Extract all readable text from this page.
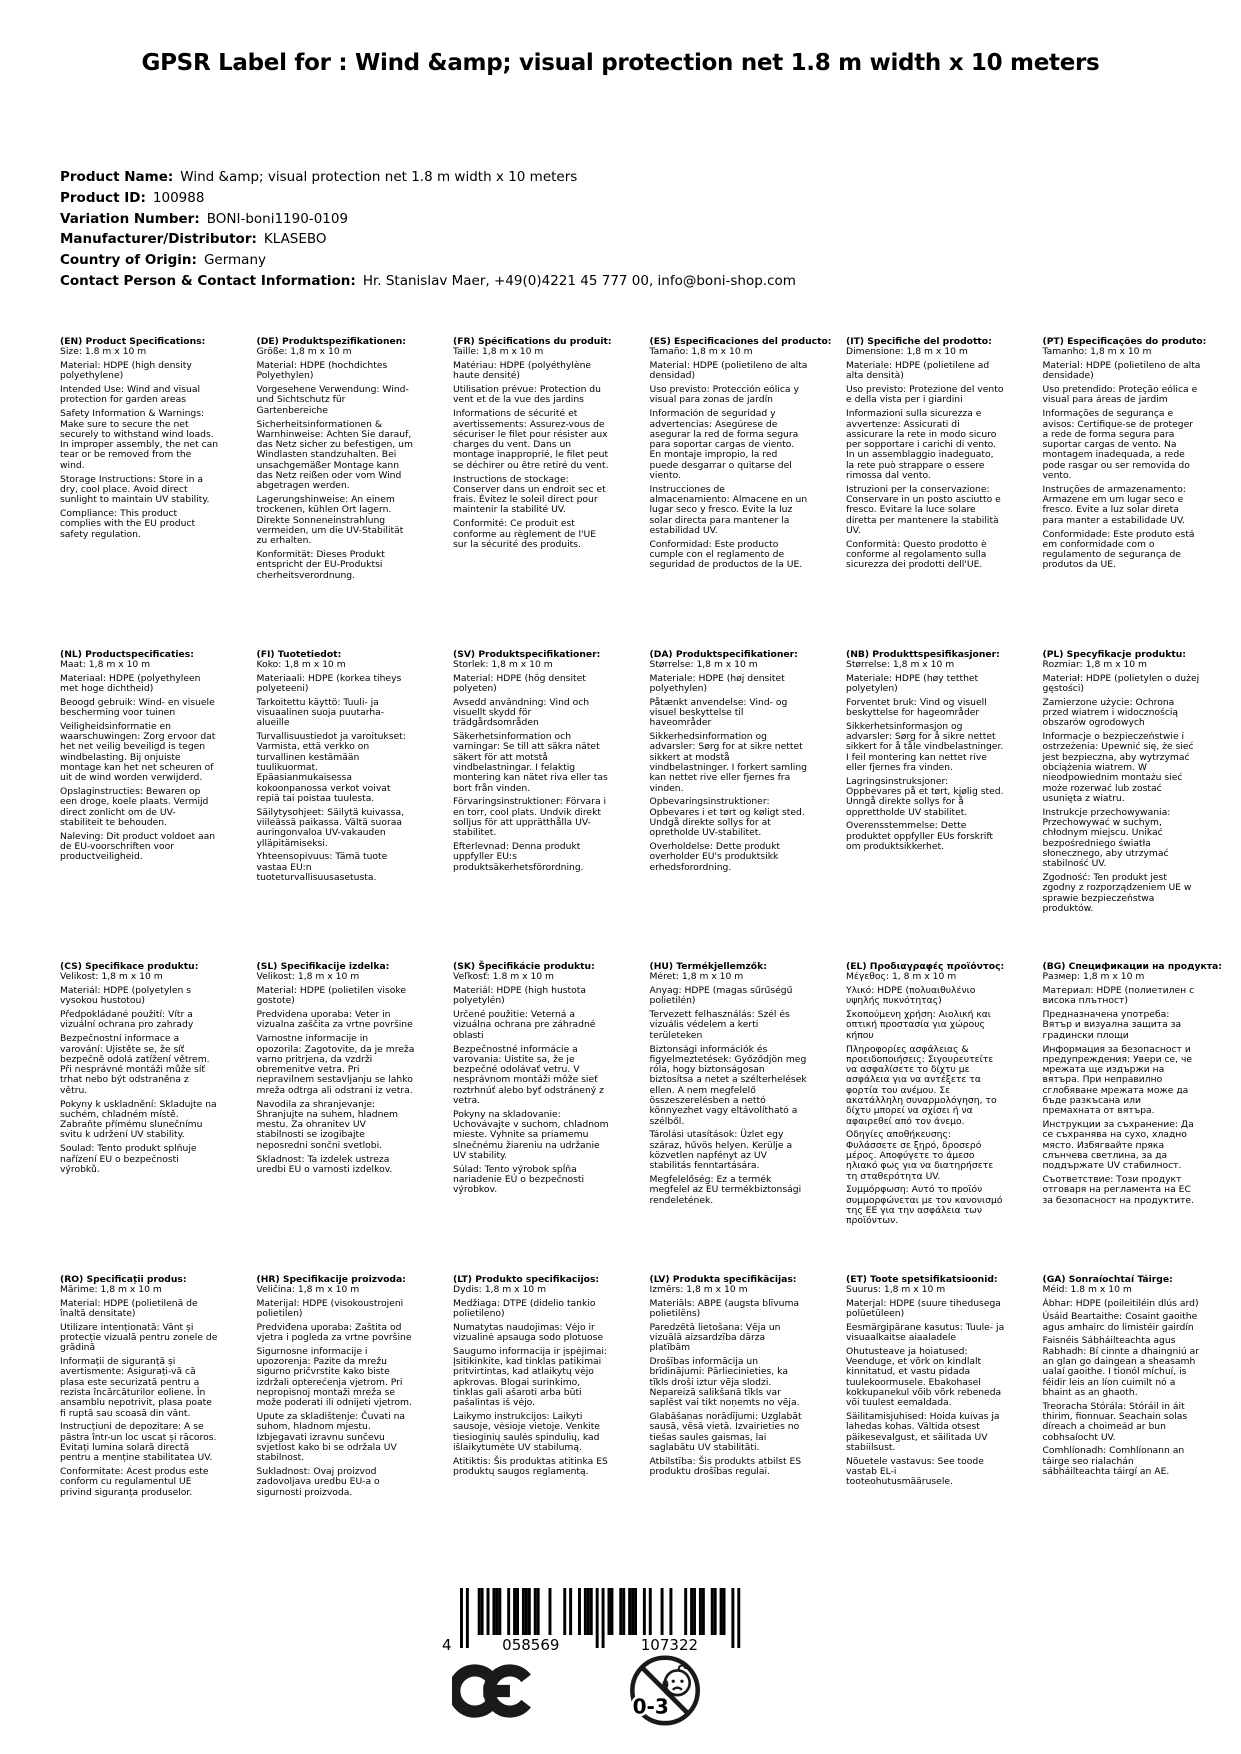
GPSR Label for : Wind &amp; visual protection net 1.8 m width x 10 meters
Product Name: Wind &amp; visual protection net 1.8 m width x 10 meters
Product ID: 100988
Variation Number: BONI-boni1190-0109
Manufacturer/Distributor: KLASEBO
Country of Origin: Germany
Contact Person & Contact Information: Hr. Stanislav Maer, +49(0)4221 45 777 00, info@boni-shop.com
(EN) Product Specifications:

Size: 1.8 m x 10 m

Material: HDPE (high density polyethylene)

Intended Use: Wind and visual protection for garden areas

Safety Information & Warnings: Make sure to secure the net securely to withstand wind loads. In improper assembly, the net can tear or be removed from the wind.

Storage Instructions: Store in a dry, cool place. Avoid direct sunlight to maintain UV stability.

Compliance: This product complies with the EU product safety regulation.

(DE) Produktspezifikationen:

Größe: 1,8 m x 10 m

Material: HDPE (hochdichtes Polyethylen)

Vorgesehene Verwendung: Wind- und Sichtschutz für Gartenbereiche

Sicherheitsinformationen & Warnhinweise: Achten Sie darauf, das Netz sicher zu befestigen, um Windlasten standzuhalten. Bei unsachgemäßer Montage kann das Netz reißen oder vom Wind abgetragen werden.

Lagerungshinweise: An einem trockenen, kühlen Ort lagern. Direkte Sonneneinstrahlung vermeiden, um die UV-Stabilität zu erhalten.

Konformität: Dieses Produkt entspricht der EU-Produktsi cherheitsverordnung.

(FR) Spécifications du produit:

Taille: 1,8 m x 10 m

Matériau: HDPE (polyéthylène haute densité)

Utilisation prévue: Protection du vent et de la vue des jardins

Informations de sécurité et avertissements: Assurez-vous de sécuriser le filet pour résister aux charges du vent. Dans un montage inapproprié, le filet peut se déchirer ou être retiré du vent.

Instructions de stockage: Conserver dans un endroit sec et frais. Évitez le soleil direct pour maintenir la stabilité UV.

Conformité: Ce produit est conforme au règlement de l'UE sur la sécurité des produits.

(ES) Especificaciones del producto:

Tamaño: 1,8 m x 10 m

Material: HDPE (polietileno de alta densidad)

Uso previsto: Protección eólica y visual para zonas de jardín

Información de seguridad y advertencias: Asegúrese de asegurar la red de forma segura para soportar cargas de viento. En montaje impropio, la red puede desgarrar o quitarse del viento.

Instrucciones de almacenamiento: Almacene en un lugar seco y fresco. Evite la luz solar directa para mantener la estabilidad UV.

Conformidad: Este producto cumple con el reglamento de seguridad de productos de la UE.

(IT) Specifiche del prodotto:

Dimensione: 1,8 m x 10 m

Materiale: HDPE (polietilene ad alta densità)

Uso previsto: Protezione del vento e della vista per i giardini

Informazioni sulla sicurezza e avvertenze: Assicurati di assicurare la rete in modo sicuro per sopportare i carichi di vento. In un assemblaggio inadeguato, la rete può strappare o essere rimossa dal vento.

Istruzioni per la conservazione: Conservare in un posto asciutto e fresco. Evitare la luce solare diretta per mantenere la stabilità UV.

Conformità: Questo prodotto è conforme al regolamento sulla sicurezza dei prodotti dell'UE.

(PT) Especificações do produto:

Tamanho: 1,8 m x 10 m

Material: HDPE (polietileno de alta densidade)

Uso pretendido: Proteção eólica e visual para áreas de jardim

Informações de segurança e avisos: Certifique-se de proteger a rede de forma segura para suportar cargas de vento. Na montagem inadequada, a rede pode rasgar ou ser removida do vento.

Instruções de armazenamento: Armazene em um lugar seco e fresco. Evite a luz solar direta para manter a estabilidade UV.

Conformidade: Este produto está em conformidade com o regulamento de segurança de produtos da UE.

(NL) Productspecificaties:

Maat: 1,8 m x 10 m

Materiaal: HDPE (polyethyleen met hoge dichtheid)

Beoogd gebruik: Wind- en visuele bescherming voor tuinen

Veiligheidsinformatie en waarschuwingen: Zorg ervoor dat het net veilig beveiligd is tegen windbelasting. Bij onjuiste montage kan het net scheuren of uit de wind worden verwijderd.

Opslaginstructies: Bewaren op een droge, koele plaats. Vermijd direct zonlicht om de UV-stabiliteit te behouden.

Naleving: Dit product voldoet aan de EU-voorschriften voor productveiligheid.

(FI) Tuotetiedot:

Koko: 1,8 m x 10 m

Materiaali: HDPE (korkea tiheys polyeteeni)

Tarkoitettu käyttö: Tuuli- ja visuaalinen suoja puutarha-alueille

Turvallisuustiedot ja varoitukset: Varmista, että verkko on turvallinen kestämään tuulikuormat. Epäasianmukaisessa kokoonpanossa verkot voivat repiä tai poistaa tuulesta.

Säilytysohjeet: Säilytä kuivassa, viileässä paikassa. Vältä suoraa auringonvaloa UV-vakauden ylläpitämiseksi.

Yhteensopivuus: Tämä tuote vastaa EU:n tuoteturvallisuusasetusta.

(SV) Produktspecifikationer:

Storlek: 1,8 m x 10 m

Material: HDPE (hög densitet polyeten)

Avsedd användning: Vind och visuellt skydd för trädgårdsområden

Säkerhetsinformation och varningar: Se till att säkra nätet säkert för att motstå vindbelastningar. I felaktig montering kan nätet riva eller tas bort från vinden.

Förvaringsinstruktioner: Förvara i en torr, cool plats. Undvik direkt solljus för att upprätthålla UV-stabilitet.

Efterlevnad: Denna produkt uppfyller EU:s produktsäkerhetsförordning.

(DA) Produktspecifikationer:

Størrelse: 1,8 m x 10 m

Materiale: HDPE (høj densitet polyethylen)

Påtænkt anvendelse: Vind- og visuel beskyttelse til haveområder

Sikkerhedsinformation og advarsler: Sørg for at sikre nettet sikkert at modstå vindbelastninger. I forkert samling kan nettet rive eller fjernes fra vinden.

Opbevaringsinstruktioner: Opbevares i et tørt og køligt sted. Undgå direkte sollys for at opretholde UV-stabilitet.

Overholdelse: Dette produkt overholder EU's produktsikk erhedsforordning.

(NB) Produkttspesifikasjoner:

Størrelse: 1,8 m x 10 m

Materiale: HDPE (høy tetthet polyetylen)

Forventet bruk: Vind og visuell beskyttelse for hageområder

Sikkerhetsinformasjon og advarsler: Sørg for å sikre nettet sikkert for å tåle vindbelastninger. I feil montering kan nettet rive eller fjernes fra vinden.

Lagringsinstruksjoner: Oppbevares på et tørt, kjølig sted. Unngå direkte sollys for å opprettholde UV stabilitet.

Overensstemmelse: Dette produktet oppfyller EUs forskrift om produktsikkerhet.

(PL) Specyfikacje produktu:

Rozmiar: 1,8 m x 10 m

Materiał: HDPE (polietylen o dużej gęstości)

Zamierzone użycie: Ochrona przed wiatrem i widocznością obszarów ogrodowych

Informacje o bezpieczeństwie i ostrzeżenia: Upewnić się, że sieć jest bezpieczna, aby wytrzymać obciążenia wiatrem. W nieodpowiednim montażu sieć może rozerwać lub zostać usunięta z wiatru.

Instrukcje przechowywania: Przechowywać w suchym, chłodnym miejscu. Unikać bezpośredniego światła słonecznego, aby utrzymać stabilność UV.

Zgodność: Ten produkt jest zgodny z rozporządzeniem UE w sprawie bezpieczeństwa produktów.

(CS) Specifikace produktu:

Velikost: 1,8 m x 10 m

Materiál: HDPE (polyetylen s vysokou hustotou)

Předpokládané použití: Vítr a vizuální ochrana pro zahrady

Bezpečnostní informace a varování: Ujistěte se, že síť bezpečně odolá zatížení větrem. Při nesprávné montáži může síť trhat nebo být odstraněna z větru.

Pokyny k uskladnění: Skladujte na suchém, chladném místě. Zabraňte přímému slunečnímu svitu k udržení UV stability.

Soulad: Tento produkt splňuje nařízení EU o bezpečnosti výrobků.

(SL) Specifikacije izdelka:

Velikost: 1,8 m x 10 m

Material: HDPE (polietilen visoke gostote)

Predvidena uporaba: Veter in vizualna zaščita za vrtne površine

Varnostne informacije in opozorila: Zagotovite, da je mreža varno pritrjena, da vzdrži obremenitve vetra. Pri nepravilnem sestavljanju se lahko mreža odtrga ali odstrani iz vetra.

Navodila za shranjevanje: Shranjujte na suhem, hladnem mestu. Za ohranitev UV stabilnosti se izogibajte neposredni sončni svetlobi.

Skladnost: Ta izdelek ustreza uredbi EU o varnosti izdelkov.

(SK) Špecifikácie produktu:

Veľkosť: 1.8 m x 10 m

Materiál: HDPE (high hustota polyetylén)

Určené použitie: Veterná a vizuálna ochrana pre záhradné oblasti

Bezpečnostné informácie a varovania: Uistite sa, že je bezpečné odolávať vetru. V nesprávnom montáži môže sieť roztrhnúť alebo byť odstránený z vetra.

Pokyny na skladovanie: Uchovávajte v suchom, chladnom mieste. Vyhnite sa priamemu slnečnému žiareniu na udržanie UV stability.

Súlad: Tento výrobok spĺňa nariadenie EÚ o bezpečnosti výrobkov.

(HU) Termékjellemzők:

Méret: 1,8 m x 10 m

Anyag: HDPE (magas sűrűségű polietilén)

Tervezett felhasználás: Szél és vizuális védelem a kerti területeken

Biztonsági információk és figyelmeztetések: Győződjön meg róla, hogy biztonságosan biztosítsa a netet a szélterhelések ellen. A nem megfelelő összeszerelésben a nettó könnyezhet vagy eltávolítható a szélből.

Tárolási utasítások: Üzlet egy száraz, hűvös helyen. Kerülje a közvetlen napfényt az UV stabilitás fenntartására.

Megfelelőség: Ez a termék megfelel az EU termékbiztonsági rendeletének.

(EL) Προδιαγραφές προϊόντος:

Μέγεθος: 1, 8 m x 10 m

Υλικό: HDPE (πολυαιθυλένιο υψηλής πυκνότητας)

Σκοπούμενη χρήση: Αιολική και οπτική προστασία για χώρους κήπου

Πληροφορίες ασφάλειας & προειδοποιήσεις: Σιγουρευτείτε να ασφαλίσετε το δίχτυ με ασφάλεια για να αντέξετε τα φορτία του ανέμου. Σε ακατάλληλη συναρμολόγηση, το δίχτυ μπορεί να σχίσει ή να αφαιρεθεί από τον άνεμο.

Οδηγίες αποθήκευσης: Φυλάσσετε σε ξηρό, δροσερό μέρος. Αποφύγετε το άμεσο ηλιακό φως για να διατηρήσετε τη σταθερότητα UV.

Συμμόρφωση: Αυτό το προϊόν συμμορφώνεται με τον κανονισμό της ΕΕ για την ασφάλεια των προϊόντων.

(BG) Спецификации на продукта:

Размер: 1,8 m x 10 m

Материал: HDPE (полиетилен с висока плътност)

Предназначена употреба: Вятър и визуална защита за градински площи

Информация за безопасност и предупреждения: Увери се, че мрежата ще издържи на вятъра. При неправилно сглобяване мрежата може да бъде разкъсана или премахната от вятъра.

Инструкции за съхранение: Да се съхранява на сухо, хладно място. Избягвайте пряка слънчева светлина, за да поддържате UV стабилност.

Съответствие: Този продукт отговаря на регламента на ЕС за безопасност на продуктите.

(RO) Specificații produs:

Mărime: 1,8 m x 10 m

Material: HDPE (polietilenă de înaltă densitate)

Utilizare intenționată: Vânt și protecție vizuală pentru zonele de grădină

Informații de siguranță și avertismente: Asigurați-vă că plasa este securizată pentru a rezista încărcăturilor eoliene. În ansamblu nepotrivit, plasa poate fi ruptă sau scoasă din vânt.

Instrucțiuni de depozitare: A se păstra într-un loc uscat și răcoros. Evitați lumina solară directă pentru a menține stabilitatea UV.

Conformitate: Acest produs este conform cu regulamentul UE privind siguranța produselor.

(HR) Specifikacije proizvoda:

Veličina: 1,8 m x 10 m

Materijal: HDPE (visokoustrojeni polietilen)

Predviđena uporaba: Zaštita od vjetra i pogleda za vrtne površine

Sigurnosne informacije i upozorenja: Pazite da mrežu sigurno pričvrstite kako biste izdržali opterećenja vjetrom. Pri nepropisnoj montaži mreža se može poderati ili odnijeti vjetrom.

Upute za skladištenje: Čuvati na suhom, hladnom mjestu. Izbjegavati izravnu sunčevu svjetlost kako bi se održala UV stabilnost.

Sukladnost: Ovaj proizvod zadovoljava uredbu EU-a o sigurnosti proizvoda.

(LT) Produkto specifikacijos:

Dydis: 1,8 m x 10 m

Medžiaga: DTPE (didelio tankio polietileno)

Numatytas naudojimas: Vėjo ir vizualinė apsauga sodo plotuose

Saugumo informacija ir įspėjimai: Įsitikinkite, kad tinklas patikimai pritvirtintas, kad atlaikytų vėjo apkrovas. Blogai surinkimo, tinklas gali ašaroti arba būti pašalintas iš vėjo.

Laikymo instrukcijos: Laikyti sausoje, vėsioje vietoje. Venkite tiesioginių saulės spindulių, kad išlaikytumėte UV stabilumą.

Atitiktis: Šis produktas atitinka ES produktų saugos reglamentą.

(LV) Produkta specifikācijas:

Izmērs: 1,8 m x 10 m

Materiāls: ABPE (augsta blīvuma polietilēns)

Paredzētā lietošana: Vēja un vizuālā aizsardzība dārza platībām

Drošības informācija un brīdinājumi: Pārliecinieties, ka tīkls droši iztur vēja slodzi. Nepareizā salikšanā tīkls var saplēst vai tikt noņemts no vēja.

Glabāšanas norādījumi: Uzglabāt sausā, vēsā vietā. Izvairieties no tiešas saules gaismas, lai saglabātu UV stabilitāti.

Atbilstība: Šis produkts atbilst ES produktu drošības regulai.

(ET) Toote spetsifikatsioonid:

Suurus: 1,8 m x 10 m

Materjal: HDPE (suure tihedusega polüetüleen)

Eesmärgipärane kasutus: Tuule- ja visuaalkaitse aiaaladele

Ohutusteave ja hoiatused: Veenduge, et võrk on kindlalt kinnitatud, et vastu pidada tuulekoormusele. Ebakohasel kokkupanekul võib võrk rebeneda või tuulest eemaldada.

Säilitamisjuhised: Hoida kuivas ja lahedas kohas. Vältida otsest päikesevalgust, et säilitada UV stabiilsust.

Nõuetele vastavus: See toode vastab EL-i tooteohutusmäärusele.

(GA) Sonraíochtaí Táirge:

Méid: 1.8 m x 10 m

Ábhar: HDPE (poileitiléin dlús ard)

Úsáid Beartaithe: Cosaint gaoithe agus amhairc do limistéir gairdín

Faisnéis Sábháilteachta agus Rabhadh: Bí cinnte a dhaingniú ar an glan go daingean a sheasamh ualaí gaoithe. I tionól míchuí, is féidir leis an líon cuimilt nó a bhaint as an ghaoth.

Treoracha Stórála: Stóráil in áit thirim, fionnuar. Seachain solas díreach a choimeád ar bun cobhsaíocht UV.

Comhlíonadh: Comhlíonann an táirge seo rialachán sábháilteachta táirgí an AE.

4	058569	107322
0-3
